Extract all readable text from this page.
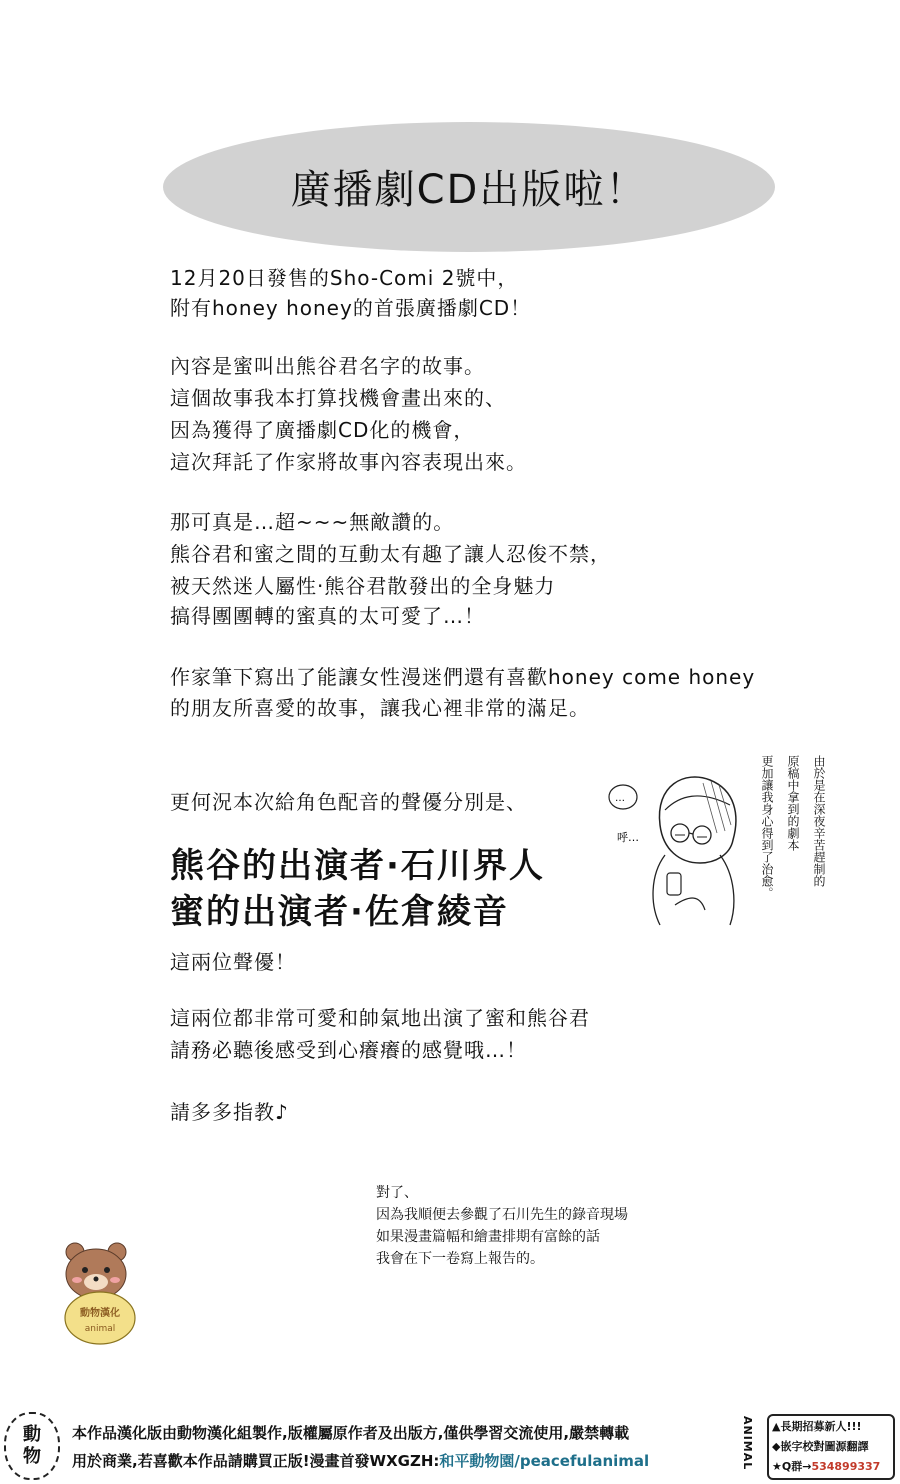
廣播劇CD出版啦！
12月20日發售的Sho-Comi 2號中，
附有honey honey的首張廣播劇CD！
內容是蜜叫出熊谷君名字的故事。
這個故事我本打算找機會畫出來的、
因為獲得了廣播劇CD化的機會，
這次拜託了作家將故事內容表現出來。
那可真是…超~~~無敵讚的。
熊谷君和蜜之間的互動太有趣了讓人忍俊不禁，
被天然迷人屬性·熊谷君散發出的全身魅力
搞得團團轉的蜜真的太可愛了…！
作家筆下寫出了能讓女性漫迷們還有喜歡honey come honey
的朋友所喜愛的故事，讓我心裡非常的滿足。
更何況本次給角色配音的聲優分別是、
熊谷的出演者·石川界人
蜜的出演者·佐倉綾音
這兩位聲優！
這兩位都非常可愛和帥氣地出演了蜜和熊谷君
請務必聽後感受到心癢癢的感覺哦…！
請多多指教♪
…
呼…	由於是在深夜辛苦趕制的
原稿中拿到的劇本
更加讓我身心得到了治愈。
對了、
因為我順便去參觀了石川先生的錄音現場
如果漫畫篇幅和繪畫排期有富餘的話
我會在下一卷寫上報告的。
動物漢化
animal
動
物
本作品漢化版由動物漢化組製作,版權屬原作者及出版方,僅供學習交流使用,嚴禁轉載
用於商業,若喜歡本作品請購買正版!漫畫首發WXGZH:和平動物園/peacefulanimal	ANIMAL ▲長期招募新人!!!
◆嵌字校對圖源翻譯
★Q群→534899337
